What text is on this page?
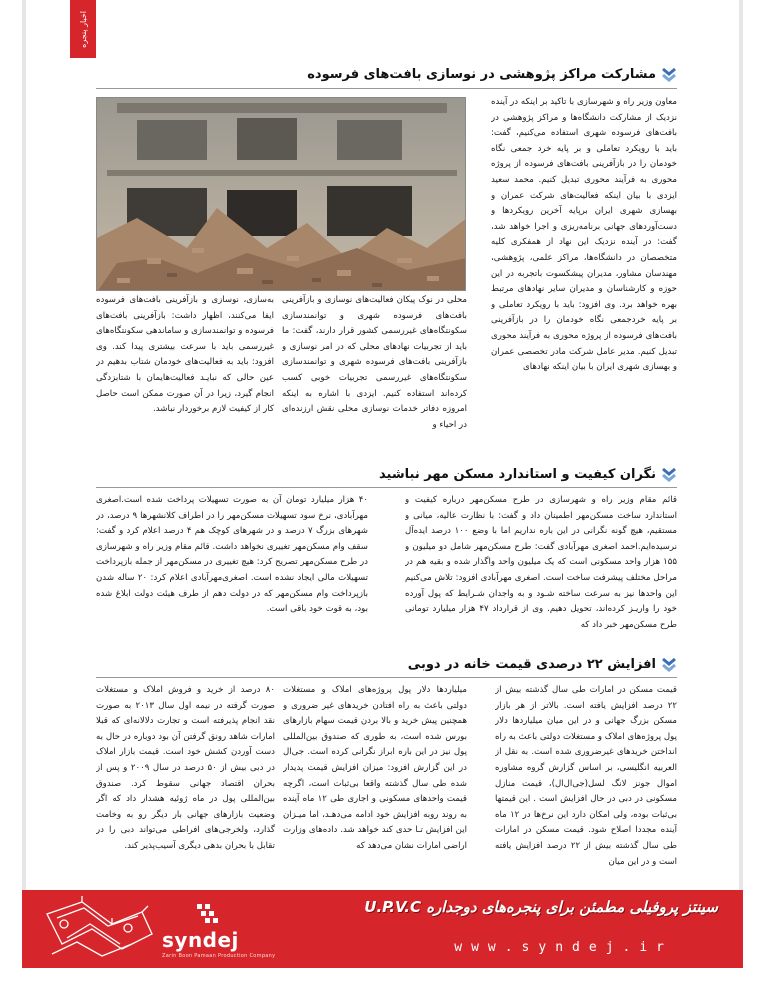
اخبار پنجره
مشارکت مراکز پژوهشی در نوسازی بافت‌های فرسوده
معاون وزیر راه و شهرسازی با تاکید بر اینکه در آینده نزدیک از مشارکت دانشگاه‌ها و مراکز پژوهشی در بافت‌های فرسوده شهری استفاده می‌کنیم، گفت: باید با رویکرد تعاملی و بر پایه خرد جمعی نگاه خودمان را در بازآفرینی بافت‌های فرسوده از پروژه محوری به فرآیند محوری تبدیل کنیم. محمد سعید ایزدی با بیان اینکه فعالیت‌های شرکت عمران و بهسازی شهری ایران برپایه آخرین رویکردها و دست‌آوردهای جهانی برنامه‌ریزی و اجرا خواهد شد، گفت: در آینده نزدیک این نهاد از همفکری کلیه متخصصان در دانشگاه‌ها، مراکز علمی، پژوهشی، مهندسان مشاور، مدیران پیشکسوت باتجربه در این حوزه و کارشناسان و مدیران سایر نهادهای مرتبط بهره خواهد برد. وی افزود: باید با رویکرد تعاملی و بر پایه خردجمعی نگاه خودمان را در بازآفرینی بافت‌های فرسوده از پروژه محوری به فرآیند محوری تبدیل کنیم. مدیر عامل شرکت مادر تخصصی عمران و بهسازی شهری ایران با بیان اینکه نهادهای
محلی در نوک پیکان فعالیت‌های نوسازی و بازآفرینی بافت‌های فرسوده شهری و توانمندسازی سکونتگاه‌های غیررسمی کشور قرار دارند، گفت: ما باید از تجربیات نهادهای محلی که در امر نوسازی و بازآفرینی بافت‌های فرسوده شهری و توانمندسازی سکونتگاه‌های غیررسمی تجربیات خوبی کسب کرده‌اند استفاده کنیم. ایزدی با اشاره به اینکه امروزه دفاتر خدمات نوسازی محلی نقش ارزنده‌ای در احیاء و
به‌سازی، نوسازی و بازآفرینی بافت‌های فرسوده ایفا می‌کنند، اظهار داشت: بازآفرینی بافت‌های فرسوده و توانمندسازی و ساماندهی سکونتگاه‌های غیررسمی باید با سرعت بیشتری پیدا کند. وی افزود: باید به فعالیت‌های خودمان شتاب بدهیم در عین حالی که نبایـد فعالیت‌هایمان با شتابزدگی انجام گیرد، زیرا در آن صورت ممکن است حاصل کار از کیفیت لازم برخوردار نباشد.
نگران کیفیت و استاندارد مسکن مهر نباشید
قائم مقام وزیر راه و شهرسازی در طرح مسکن‌مهر درباره کیفیت و استاندارد ساخت مسکن‌مهر اطمینان داد و گفت: با نظارت عالیه، میانی و مستقیم، هیچ گونه نگرانی در این باره نداریم اما با وضع ۱۰۰ درصد ایده‌آل نرسیده‌ایم.احمد اصغری مهرآبادی گفت: طرح مسکن‌مهر شامل دو میلیون و ۱۵۵ هزار واحد مسکونی است که یک میلیون واحد واگذار شده و بقیه هم در مراحل مختلف پیشرفت ساخت است. اصغری مهرآبادی افزود: تلاش می‌کنیم این واحدها نیز به سرعت ساخته شـود و به واجدان شـرایط که پول آورده خود را واریـز کرده‌اند، تحویل دهیم. وی از قرارداد ۴۷ هزار میلیارد تومانی طرح مسکن‌مهر خبر داد که
۴۰ هزار میلیارد تومان آن به صورت تسهیلات پرداخت شده است.اصغری مهرآبادی، نرخ سود تسهیلات مسکن‌مهر را در اطراف کلانشهرها ۹ درصد، در شهرهای بزرگ ۷ درصد و در شهرهای کوچک هم ۴ درصد اعلام کرد و گفت: سقف وام مسکن‌مهر تغییری نخواهد داشت. قائم مقام وزیر راه و شهرسازی در طرح مسکن‌مهر تصریح کرد: هیچ تغییری در مسکن‌مهر از جمله بازپرداخت تسهیلات مالی ایجاد نشده است. اصغری‌مهرآبادی اعلام کرد: ۲۰ ساله شدن بازپرداخت وام مسکن‌مهر که در دولت دهم از طرف هیئت دولت ابلاغ شده بود، به قوت خود باقی است.
افزایش ۲۲ درصدی قیمت خانه در دوبی
قیمت مسکن در امارات طی سال گذشته بیش از ۲۲ درصد افزایش یافته است. بالاتر از هر بازار مسکن بزرگ جهانی و در این میان میلیاردها دلار پول پروژه‌های املاک و مستغلات دولتی باعث به راه انداختن خریدهای غیرضروری شده است. به نقل از العربیه انگلیسی، بر اساس گزارش گروه مشاوره اموال جونز لانگ لسل(جی‌ال‌ال)، قیمت منازل مسکونی در دبی در حال افزایش است . این قیمتها بی‌ثبات بوده، ولی امکان دارد این نرخ‌ها در ۱۲ ماه آینده مجددا اصلاح شود. قیمت مسکن در امارات طی سال گذشته بیش از ۲۲ درصد افزایش یافته است و در این میان
میلیاردها دلار پول پروژه‌های املاک و مستغلات دولتی باعث به راه افتادن خریدهای غیر ضروری و همچنین پیش خرید و بالا بردن قیمت سهام بازارهای بورس شده است، به طوری که صندوق بین‌المللی پول نیز در این باره ابراز نگرانی کرده است. جی‌ال در این گزارش افزود: میزان افزایش قیمت پدیدار شده طی سال گذشته واقعا بی‌ثبات است، اگرچه قیمت واحدهای مسکونی و اجاری طی ۱۲ ماه آینده به روند روبه افزایش خود ادامه می‌دهـد، اما میـزان این افزایش تـا حدی کند خواهد شد. داده‌های وزارت اراضی امارات نشان می‌دهد که
۸۰ درصد از خرید و فروش املاک و مستغلات صورت گرفته در نیمه اول سال ۲۰۱۳ به صورت نقد انجام پذیرفته است و تجارت دلالانه‌ای که قبلا امارات شاهد رونق گرفتن آن بود دوباره در حال به دست آوردن کشش خود است. قیمت بازار املاک در دبی بیش از ۵۰ درصد در سال ۲۰۰۹ و پس از بحران اقتصاد جهانی سقوط کرد. صندوق بین‌المللی پول در ماه ژوئیه هشدار داد که اگر وضعیت بازارهای جهانی بار دیگر رو به وخامت گذارد، ولخرجی‌های افراطی می‌تواند دبی را در تقابل با بحران بدهی دیگری آسیب‌پذیر کند.
syndej
Zarin Boon Pamaan Production Company
سینتز پروفیلی مطمئن برای پنجره‌های دوجداره U.P.V.C
www.syndej.ir
